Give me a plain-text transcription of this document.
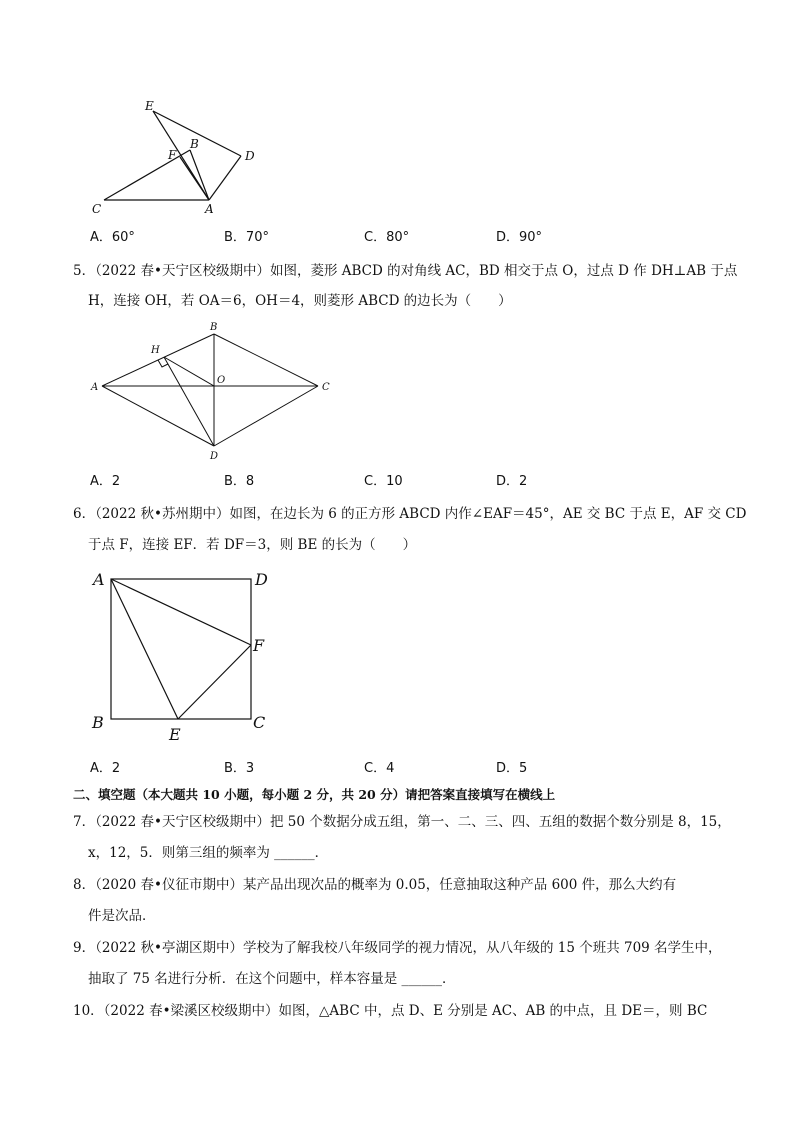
E
B
F	D
C	A
A．60°	B．70°	C．80°	D．90°
5．（2022 春•天宁区校级期中）如图，菱形 ABCD 的对角线 AC，BD 相交于点 O，过点 D 作 DH⊥AB 于点
H，连接 OH，若 OA＝6，OH＝4，则菱形 ABCD 的边长为（　　）
A
B
C
D
H
O
A．2	B．8	C．10	D．2
6．（2022 秋•苏州期中）如图，在边长为 6 的正方形 ABCD 内作∠EAF＝45°，AE 交 BC 于点 E，AF 交 CD
于点 F，连接 EF．若 DF＝3，则 BE 的长为（　　）
A	D
F
B	C
E
A．2	B．3	C．4	D．5
二、填空题（本大题共 10 小题，每小题 2 分，共 20 分）请把答案直接填写在横线上
7．（2022 春•天宁区校级期中）把 50 个数据分成五组，第一、二、三、四、五组的数据个数分别是 8，15，
x，12，5．则第三组的频率为 ______．
8．（2020 春•仪征市期中）某产品出现次品的概率为 0.05，任意抽取这种产品 600 件，那么大约有
件是次品．
9．（2022 秋•亭湖区期中）学校为了解我校八年级同学的视力情况，从八年级的 15 个班共 709 名学生中，
抽取了 75 名进行分析．在这个问题中，样本容量是 ______．
10．（2022 春•梁溪区校级期中）如图，△ABC 中，点 D、E 分别是 AC、AB 的中点，且 DE＝，则 BC
